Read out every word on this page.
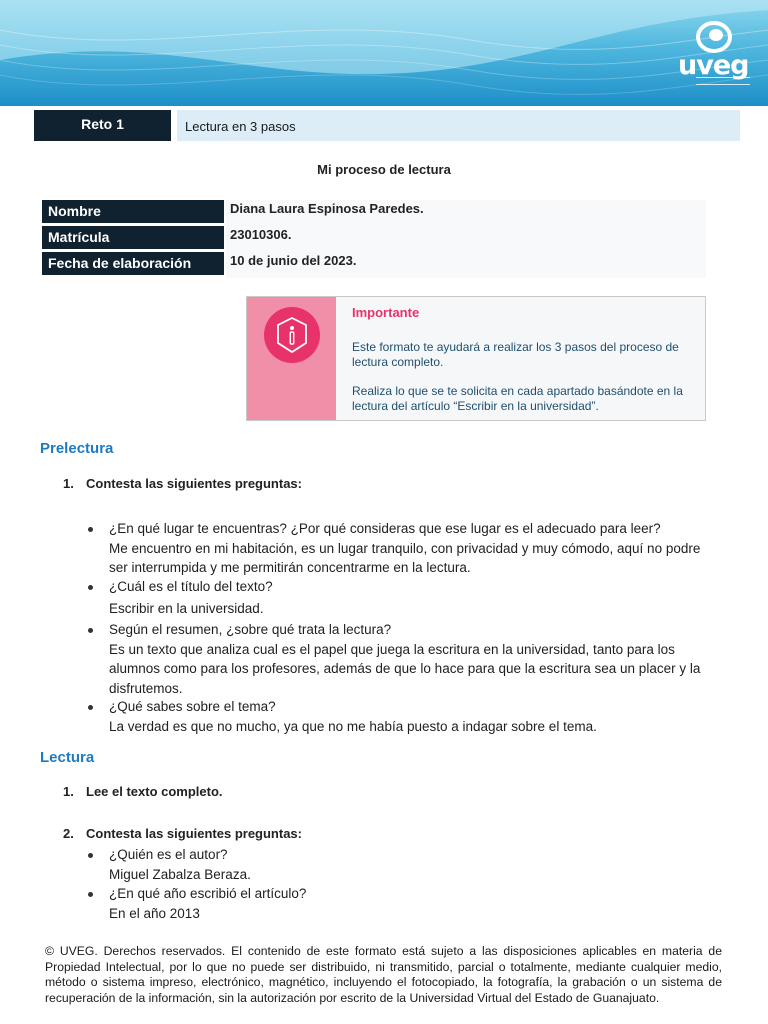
uveg
Reto 1	Lectura en 3 pasos
Mi proceso de lectura
Nombre	Diana Laura Espinosa Paredes.
Matrícula	23010306.
Fecha de elaboración	10 de junio del 2023.
Importante
Este formato te ayudará a realizar los 3 pasos del proceso de lectura completo.
Realiza lo que se te solicita en cada apartado basándote en la lectura del artículo “Escribir en la universidad”.
Prelectura
1. Contesta las siguientes preguntas:
¿En qué lugar te encuentras? ¿Por qué consideras que ese lugar es el adecuado para leer?
Me encuentro en mi habitación, es un lugar tranquilo, con privacidad y muy cómodo, aquí no podre ser interrumpida y me permitirán concentrarme en la lectura.
¿Cuál es el título del texto?
Escribir en la universidad.
Según el resumen, ¿sobre qué trata la lectura?
Es un texto que analiza cual es el papel que juega la escritura en la universidad, tanto para los alumnos como para los profesores, además de que lo hace para que la escritura sea un placer y la disfrutemos.
¿Qué sabes sobre el tema?
La verdad es que no mucho, ya que no me había puesto a indagar sobre el tema.
Lectura
1. Lee el texto completo.
2. Contesta las siguientes preguntas:
¿Quién es el autor?
Miguel Zabalza Beraza.
¿En qué año escribió el artículo?
En el año 2013
© UVEG. Derechos reservados. El contenido de este formato está sujeto a las disposiciones aplicables en materia de Propiedad Intelectual, por lo que no puede ser distribuido, ni transmitido, parcial o totalmente, mediante cualquier medio, método o sistema impreso, electrónico, magnético, incluyendo el fotocopiado, la fotografía, la grabación o un sistema de recuperación de la información, sin la autorización por escrito de la Universidad Virtual del Estado de Guanajuato.
